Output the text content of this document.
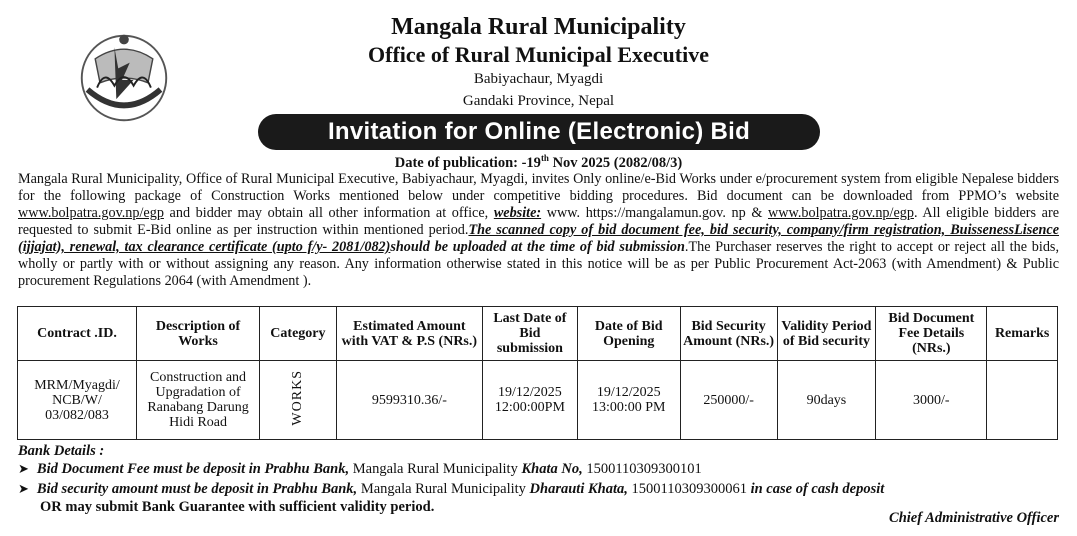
Mangala Rural Municipality
Office of Rural Municipal Executive
Babiyachaur, Myagdi
Gandaki Province, Nepal
Invitation for Online (Electronic) Bid
Date of publication: -19th Nov 2025 (2082/08/3)
Mangala Rural Municipality, Office of Rural Municipal Executive, Babiyachaur, Myagdi, invites Only online/e-Bid Works under e/procurement system from eligible Nepalese bidders for the following package of Construction Works mentioned below under competitive bidding procedures. Bid document can be downloaded from PPMO’s website www.bolpatra.gov.np/egp and bidder may obtain all other information at office, website: www. https://mangalamun.gov. np & www.bolpatra.gov.np/egp. All eligible bidders are requested to submit E-Bid online as per instruction within mentioned period.The scanned copy of bid document fee, bid security, company/firm registration, BuissenessLisence (ijjajat), renewal, tax clearance certificate (upto f/y- 2081/082)should be uploaded at the time of bid submission.The Purchaser reserves the right to accept or reject all the bids, wholly or partly with or without assigning any reason. Any information otherwise stated in this notice will be as per Public Procurement Act-2063 (with Amendment) & Public procurement Regulations 2064 (with Amendment ).
Contract .ID.	Description of Works	Category	Estimated Amount with VAT & P.S (NRs.)	Last Date of Bid submission	Date of Bid Opening	Bid Security Amount (NRs.)	Validity Period of Bid security	Bid Document Fee Details (NRs.)	Remarks
MRM/Myagdi/ NCB/W/ 03/082/083	Construction and Upgradation of Ranabang Darung Hidi Road	WORKS	9599310.36/-	19/12/2025 12:00:00PM	19/12/2025 13:00:00 PM	250000/-	90days	3000/-	
Bank Details :
➤ Bid Document Fee must be deposit in Prabhu Bank, Mangala Rural Municipality Khata No, 1500110309300101
➤ Bid security amount must be deposit in Prabhu Bank, Mangala Rural Municipality Dharauti Khata, 1500110309300061 in case of cash deposit
OR may submit Bank Guarantee with sufficient validity period.
Chief Administrative Officer
